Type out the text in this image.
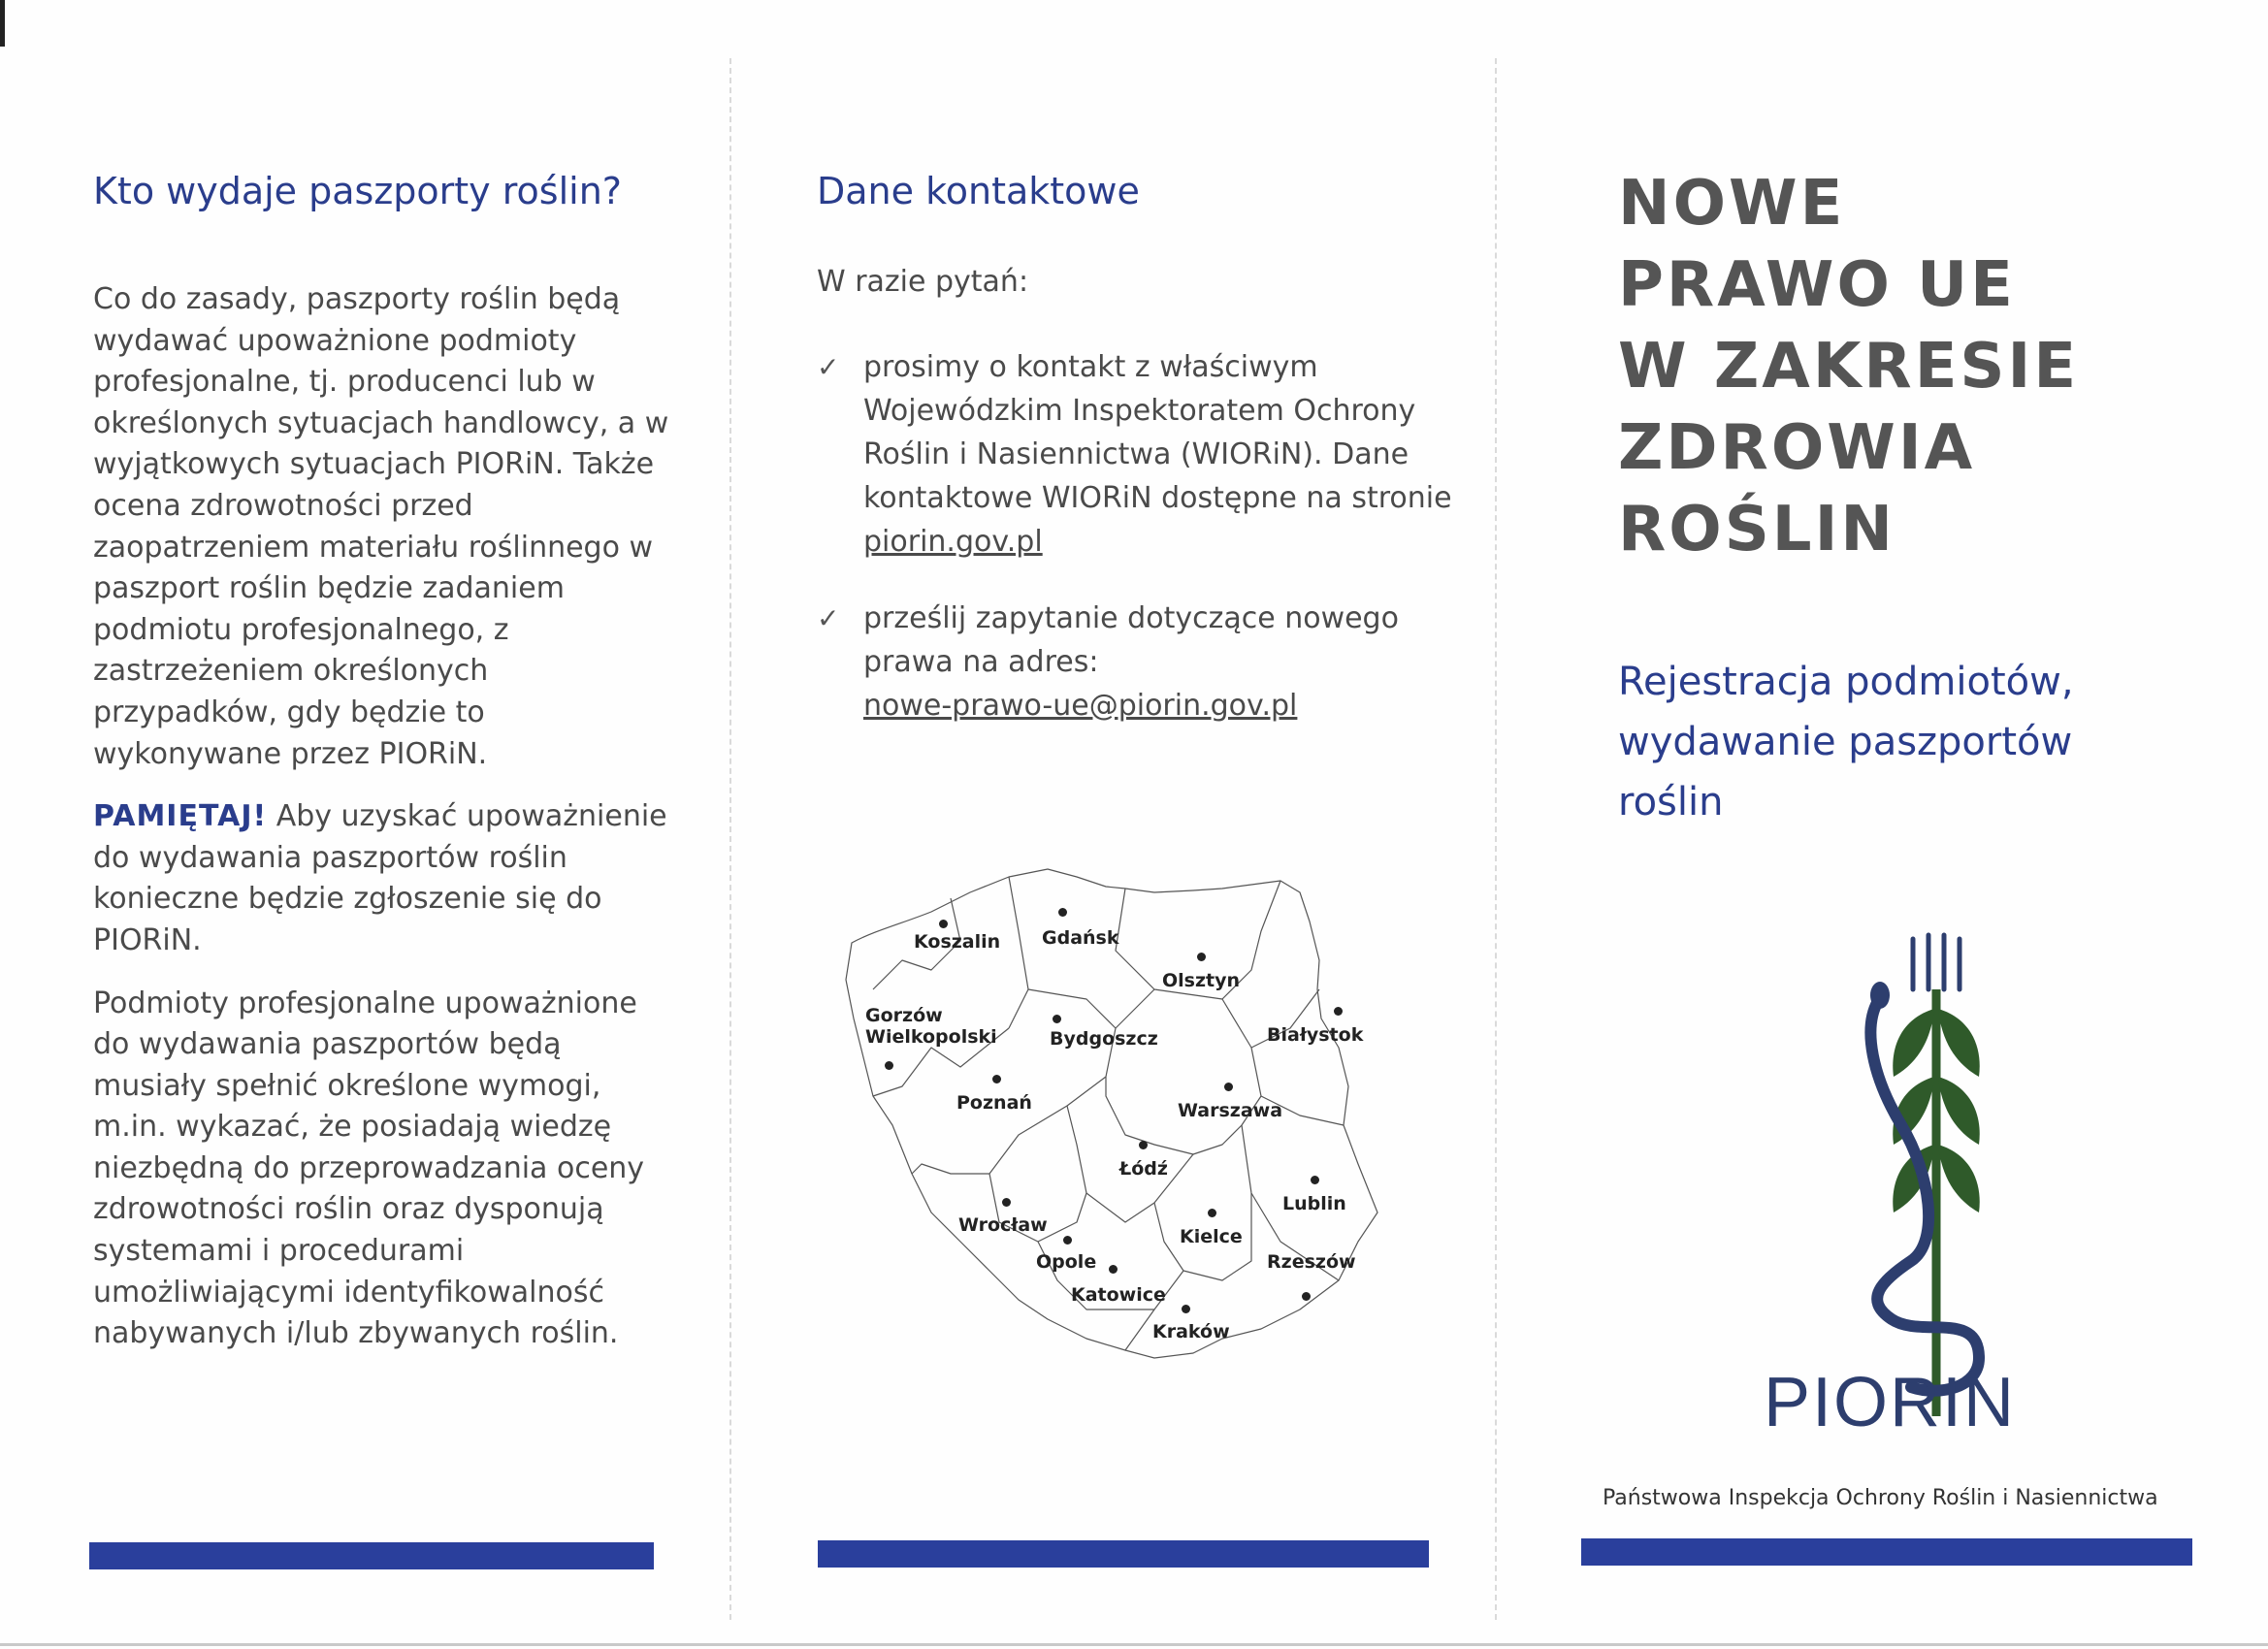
Kto wydaje paszporty roślin?

Co do zasady, paszporty roślin będą wydawać upoważnione podmioty profesjonalne, tj. producenci lub w określonych sytuacjach handlowcy, a w wyjątkowych sytuacjach PIORiN. Także ocena zdrowotności przed zaopatrzeniem materiału roślinnego w paszport roślin będzie zadaniem podmiotu profesjonalnego, z zastrzeżeniem określonych przypadków, gdy będzie to wykonywane przez PIORiN.

PAMIĘTAJ! Aby uzyskać upoważnienie do wydawania paszportów roślin konieczne będzie zgłoszenie się do PIORiN.

Podmioty profesjonalne upoważnione do wydawania paszportów będą musiały spełnić określone wymogi, m.in. wykazać, że posiadają wiedzę niezbędną do przeprowadzania oceny zdrowotności roślin oraz dysponują systemami i procedurami umożliwiającymi identyfikowalność nabywanych i/lub zbywanych roślin.

Dane kontaktowe
W razie pytań:
✓ prosimy o kontakt z właściwym Wojewódzkim Inspektoratem Ochrony Roślin i Nasiennictwa (WIORiN). Dane kontaktowe WIORiN dostępne na stronie piorin.gov.pl
✓ prześlij zapytanie dotyczące nowego prawa na adres:
nowe-prawo-ue@piorin.gov.pl
Koszalin Gdańsk
Olsztyn
Gorzów Wielkopolski	Bydgoszcz	Białystok
Poznań	Warszawa
Łódź
Lublin
Wrocław
Kielce
Opole	Rzeszów
Katowice
Kraków
NOWE
PRAWO UE
W ZAKRESIE
ZDROWIA
ROŚLIN
Rejestracja podmiotów,
wydawanie paszportów
roślin
PIORIN
Państwowa Inspekcja Ochrony Roślin i Nasiennictwa
